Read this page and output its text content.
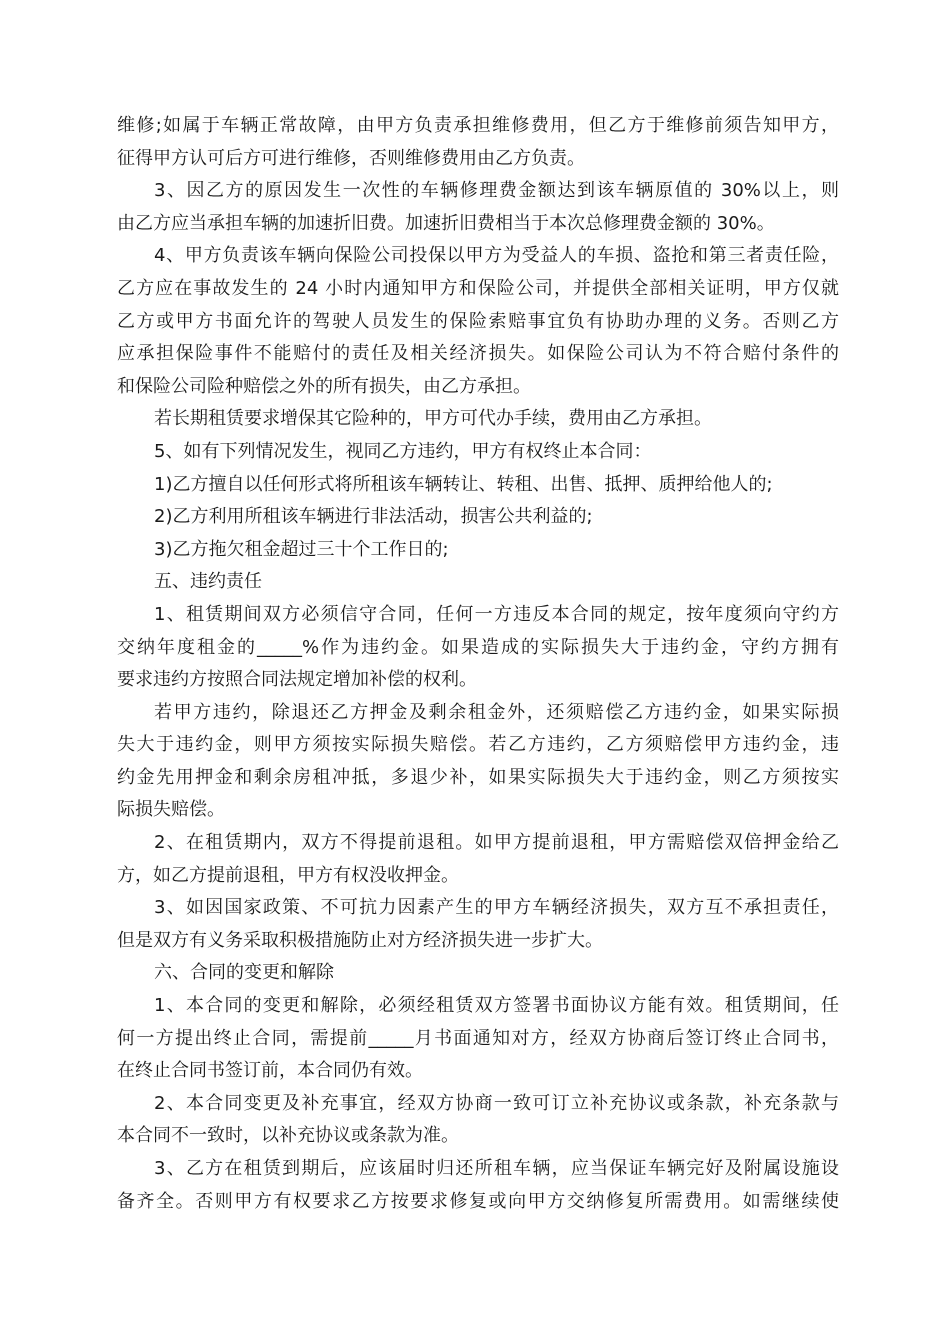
维修;如属于车辆正常故障，由甲方负责承担维修费用，但乙方于维修前须告知甲方，
征得甲方认可后方可进行维修，否则维修费用由乙方负责。
3、因乙方的原因发生一次性的车辆修理费金额达到该车辆原值的 30%以上，则
由乙方应当承担车辆的加速折旧费。加速折旧费相当于本次总修理费金额的 30%。
4、甲方负责该车辆向保险公司投保以甲方为受益人的车损、盗抢和第三者责任险，
乙方应在事故发生的 24 小时内通知甲方和保险公司，并提供全部相关证明，甲方仅就
乙方或甲方书面允许的驾驶人员发生的保险索赔事宜负有协助办理的义务。否则乙方
应承担保险事件不能赔付的责任及相关经济损失。如保险公司认为不符合赔付条件的
和保险公司险种赔偿之外的所有损失，由乙方承担。
若长期租赁要求增保其它险种的，甲方可代办手续，费用由乙方承担。
5、如有下列情况发生，视同乙方违约，甲方有权终止本合同：
1)乙方擅自以任何形式将所租该车辆转让、转租、出售、抵押、质押给他人的;
2)乙方利用所租该车辆进行非法活动，损害公共利益的;
3)乙方拖欠租金超过三十个工作日的;
五、违约责任
1、租赁期间双方必须信守合同，任何一方违反本合同的规定，按年度须向守约方
交纳年度租金的_____%作为违约金。如果造成的实际损失大于违约金，守约方拥有
要求违约方按照合同法规定增加补偿的权利。
若甲方违约，除退还乙方押金及剩余租金外，还须赔偿乙方违约金，如果实际损
失大于违约金，则甲方须按实际损失赔偿。若乙方违约，乙方须赔偿甲方违约金，违
约金先用押金和剩余房租冲抵，多退少补，如果实际损失大于违约金，则乙方须按实
际损失赔偿。
2、在租赁期内，双方不得提前退租。如甲方提前退租，甲方需赔偿双倍押金给乙
方，如乙方提前退租，甲方有权没收押金。
3、如因国家政策、不可抗力因素产生的甲方车辆经济损失，双方互不承担责任，
但是双方有义务采取积极措施防止对方经济损失进一步扩大。
六、合同的变更和解除
1、本合同的变更和解除，必须经租赁双方签署书面协议方能有效。租赁期间，任
何一方提出终止合同，需提前_____月书面通知对方，经双方协商后签订终止合同书，
在终止合同书签订前，本合同仍有效。
2、本合同变更及补充事宜，经双方协商一致可订立补充协议或条款，补充条款与
本合同不一致时，以补充协议或条款为准。
3、乙方在租赁到期后，应该届时归还所租车辆，应当保证车辆完好及附属设施设
备齐全。否则甲方有权要求乙方按要求修复或向甲方交纳修复所需费用。如需继续使
